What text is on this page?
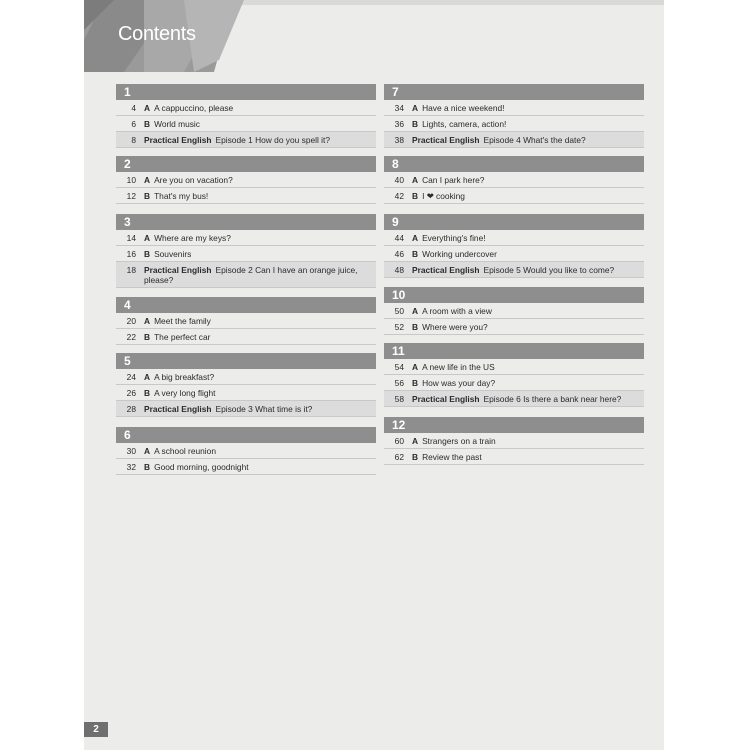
Contents
1
4 A A cappuccino, please
6 B World music
8 Practical English Episode 1 How do you spell it?
2
10 A Are you on vacation?
12 B That's my bus!
3
14 A Where are my keys?
16 B Souvenirs
18 Practical English Episode 2 Can I have an orange juice, please?
4
20 A Meet the family
22 B The perfect car
5
24 A A big breakfast?
26 B A very long flight
28 Practical English Episode 3 What time is it?
6
30 A A school reunion
32 B Good morning, goodnight
7
34 A Have a nice weekend!
36 B Lights, camera, action!
38 Practical English Episode 4 What's the date?
8
40 A Can I park here?
42 B I ❤ cooking
9
44 A Everything's fine!
46 B Working undercover
48 Practical English Episode 5 Would you like to come?
10
50 A A room with a view
52 B Where were you?
11
54 A A new life in the US
56 B How was your day?
58 Practical English Episode 6 Is there a bank near here?
12
60 A Strangers on a train
62 B Review the past
2
